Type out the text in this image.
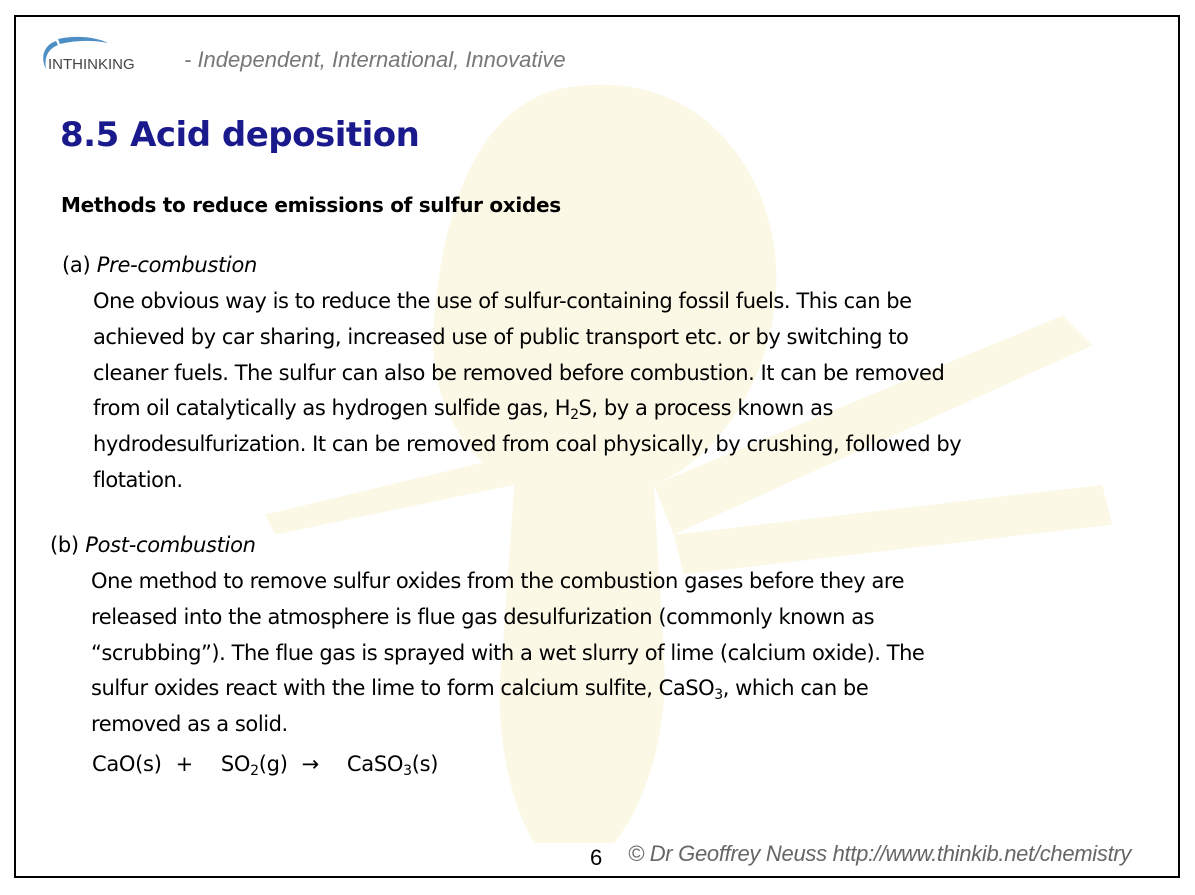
INTHINKING - Independent, International, Innovative
8.5 Acid deposition
Methods to reduce emissions of sulfur oxides
(a) Pre-combustion
One obvious way is to reduce the use of sulfur-containing fossil fuels. This can be
achieved by car sharing, increased use of public transport etc. or by switching to
cleaner fuels. The sulfur can also be removed before combustion. It can be removed
from oil catalytically as hydrogen sulfide gas, $H_2S$, by a process known as
hydrodesulfurization. It can be removed from coal physically, by crushing, followed by
flotation.
(b) Post-combustion
One method to remove sulfur oxides from the combustion gases before they are
released into the atmosphere is flue gas desulfurization (commonly known as
“scrubbing”). The flue gas is sprayed with a wet slurry of lime (calcium oxide). The
sulfur oxides react with the lime to form calcium sulfite, CaSO$_3$, which can be
removed as a solid.
$CaO(s) + SO_2(g)$ → CaSO$_3$(s)
6 © Dr Geoffrey Neuss http://www.thinkib.net/chemistry
